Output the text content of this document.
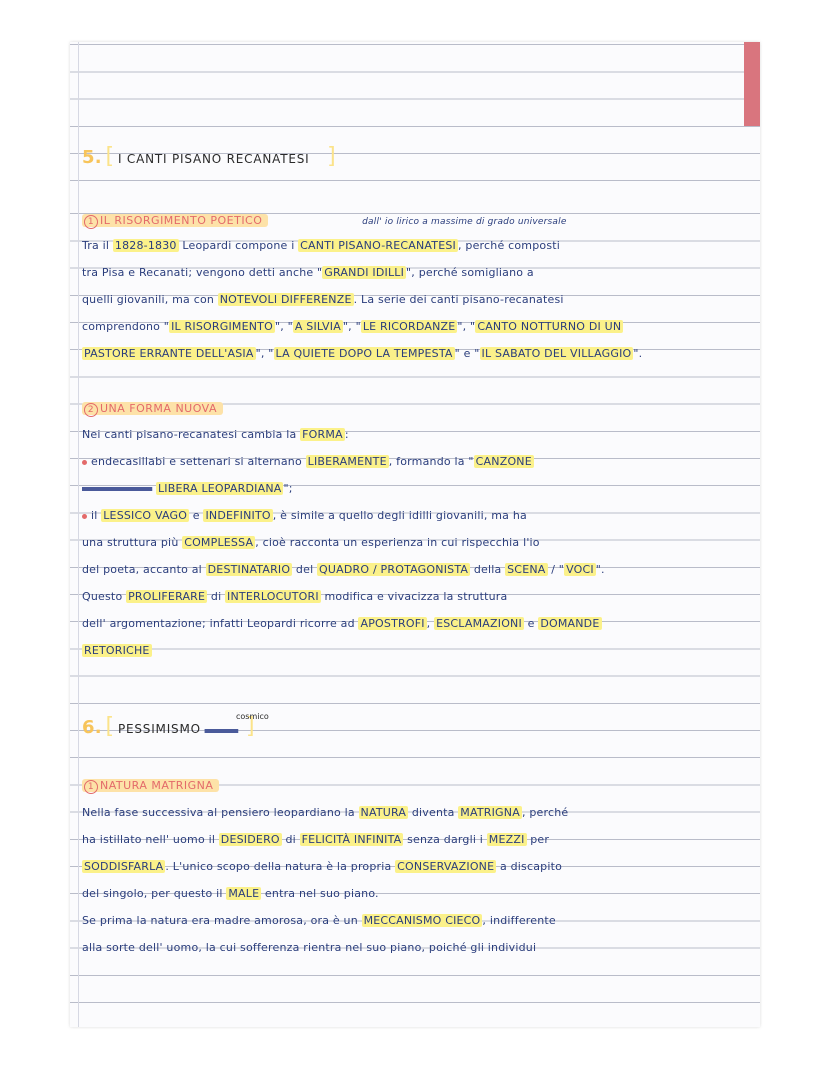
5. [ I CANTI PISANO RECANATESI ]
1 IL RISORGIMENTO POETICO	dall' io lirico a massime di grado universale
Tra il 1828-1830 Leopardi compone i CANTI PISANO-RECANATESI , perché composti
tra Pisa e Recanati; vengono detti anche " GRANDI IDILLI ", perché somigliano a
quelli giovanili, ma con NOTEVOLI DIFFERENZE . La serie dei canti pisano-recanatesi
comprendono " IL RISORGIMENTO ", " A SILVIA ", " LE RICORDANZE ", " CANTO NOTTURNO DI UN
PASTORE ERRANTE DELL'ASIA ", " LA QUIETE DOPO LA TEMPESTA " e " IL SABATO DEL VILLAGGIO ".
2 UNA FORMA NUOVA
Nei canti pisano-recanatesi cambia la FORMA :
endecasillabi e settenari si alternano LIBERAMENTE , formando la " CANZONE
LIBERA LEOPARDIANA ";
il LESSICO VAGO e INDEFINITO , è simile a quello degli idilli giovanili, ma ha
una struttura più COMPLESSA , cioè racconta un esperienza in cui rispecchia l'io
del poeta, accanto al DESTINATARIO del QUADRO / PROTAGONISTA della SCENA / " VOCI ".
Questo PROLIFERARE di INTERLOCUTORI modifica e vivacizza la struttura
dell' argomentazione; infatti Leopardi ricorre ad APOSTROFI , ESCLAMAZIONI e DOMANDE
RETORICHE
6. [ PESSIMISMO ]
cosmico
1 NATURA MATRIGNA
Nella fase successiva al pensiero leopardiano la NATURA diventa MATRIGNA , perché
ha istillato nell' uomo il DESIDERO di FELICITÀ INFINITA senza dargli i MEZZI per
SODDISFARLA . L'unico scopo della natura è la propria CONSERVAZIONE a discapito
del singolo, per questo il MALE entra nel suo piano.
Se prima la natura era madre amorosa, ora è un MECCANISMO CIECO , indifferente
alla sorte dell' uomo, la cui sofferenza rientra nel suo piano, poiché gli individui
